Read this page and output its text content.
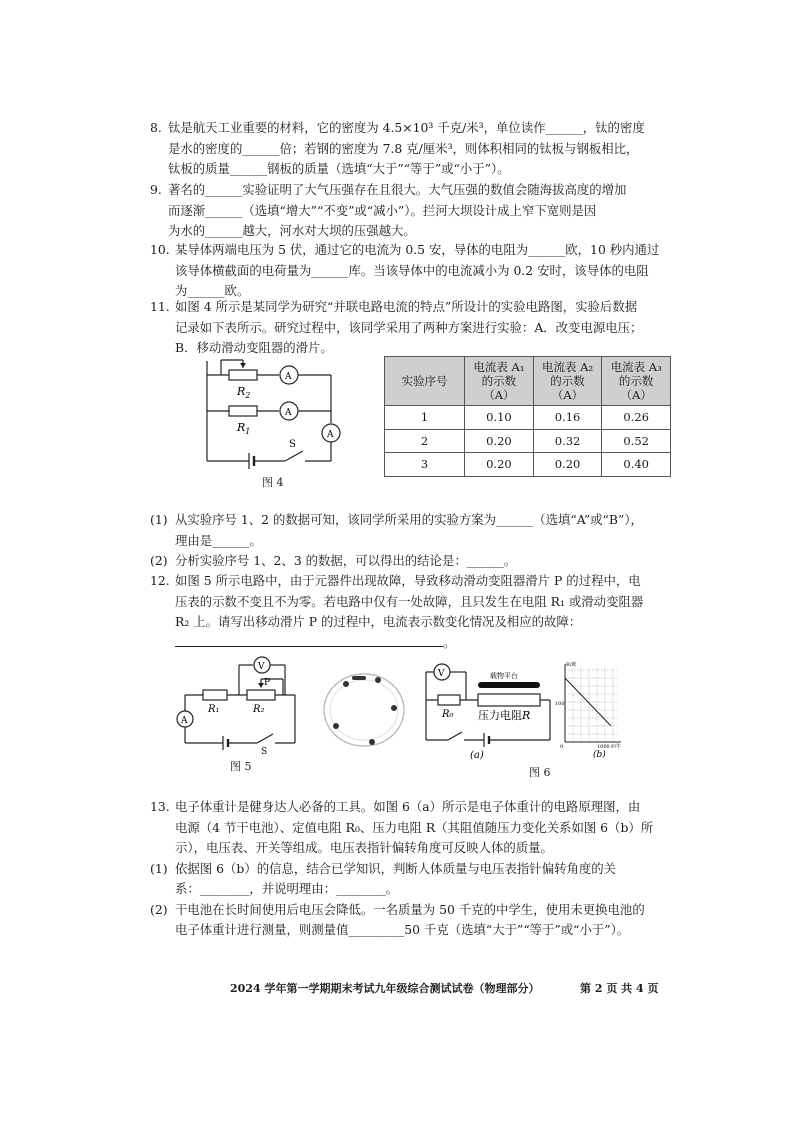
8. 钛是航天工业重要的材料，它的密度为 4.5×10³ 千克/米³，单位读作______，钛的密度
是水的密度的______倍；若钢的密度为 7.8 克/厘米³，则体积相同的钛板与钢板相比，
钛板的质量______钢板的质量（选填“大于”“等于”或“小于”）。
9. 著名的______实验证明了大气压强存在且很大。大气压强的数值会随海拔高度的增加
而逐渐______（选填“增大”“不变”或“减小”）。拦河大坝设计成上窄下宽则是因
为水的______越大，河水对大坝的压强越大。
10. 某导体两端电压为 5 伏，通过它的电流为 0.5 安，导体的电阻为______欧，10 秒内通过
该导体横截面的电荷量为______库。当该导体中的电流减小为 0.2 安时，该导体的电阻
为______欧。
11. 如图 4 所示是某同学为研究“并联电路电流的特点”所设计的实验电路图，实验后数据
记录如下表所示。研究过程中，该同学采用了两种方案进行实验：A．改变电源电压；
B．移动滑动变阻器的滑片。
$R_2$
$R_1$
A
A
A
S
图 4
实验序号	电流表 A₁
的示数
（A）	电流表 A₂
的示数
（A）	电流表 A₃
的示数
（A）
1	0.10	0.16	0.26
2	0.20	0.32	0.52
3	0.20	0.20	0.40
(1) 从实验序号 1、2 的数据可知，该同学所采用的实验方案为______（选填“A”或“B”），
理由是______。
(2) 分析实验序号 1、2、3 的数据，可以得出的结论是：______。
12. 如图 5 所示电路中，由于元器件出现故障，导致移动滑动变阻器滑片 P 的过程中，电
压表的示数不变且不为零。若电路中仅有一处故障，且只发生在电阻 R₁ 或滑动变阻器
R₂ 上。请写出移动滑片 P 的过程中，电流表示数变化情况及相应的故障：
。
V
A
P
R₁	R₂
S
图 5
载物平台
V
R₀ 压力电阻R
(a)
R/欧
100
0	1000 F/牛
(b)
图 6
13. 电子体重计是健身达人必备的工具。如图 6（a）所示是电子体重计的电路原理图，由
电源（4 节干电池）、定值电阻 R₀、压力电阻 R（其阻值随压力变化关系如图 6（b）所
示），电压表、开关等组成。电压表指针偏转角度可反映人体的质量。
(1) 依据图 6（b）的信息，结合已学知识，判断人体质量与电压表指针偏转角度的关
系：________，并说明理由：________。
(2) 干电池在长时间使用后电压会降低。一名质量为 50 千克的中学生，使用未更换电池的
电子体重计进行测量，则测量值_________50 千克（选填“大于”“等于”或“小于”）。
2024 学年第一学期期末考试九年级综合测试试卷（物理部分）	第 2 页 共 4 页
